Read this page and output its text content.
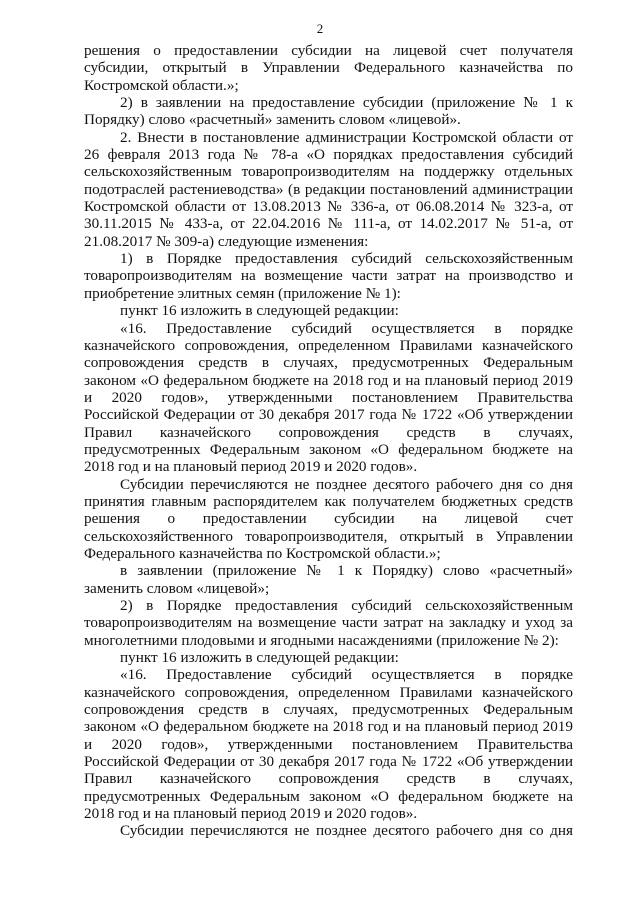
2

решения о предоставлении субсидии на лицевой счет получателя субсидии, открытый в Управлении Федерального казначейства по Костромской области.»;

2) в заявлении на предоставление субсидии (приложение № 1 к Порядку) слово «расчетный» заменить словом «лицевой».

2. Внести в постановление администрации Костромской области от 26 февраля 2013 года № 78-а «О порядках предоставления субсидий сельскохозяйственным товаропроизводителям на поддержку отдельных подотраслей растениеводства» (в редакции постановлений администрации Костромской области от 13.08.2013 № 336-а, от 06.08.2014 № 323-а, от 30.11.2015 № 433-а, от 22.04.2016 № 111-а, от 14.02.2017 № 51-а, от 21.08.2017 № 309-а) следующие изменения:

1) в Порядке предоставления субсидий сельскохозяйственным товаропроизводителям на возмещение части затрат на производство и приобретение элитных семян (приложение № 1):

пункт 16 изложить в следующей редакции:

«16. Предоставление субсидий осуществляется в порядке казначейского сопровождения, определенном Правилами казначейского сопровождения средств в случаях, предусмотренных Федеральным законом «О федеральном бюджете на 2018 год и на плановый период 2019 и 2020 годов», утвержденными постановлением Правительства Российской Федерации от 30 декабря 2017 года № 1722 «Об утверждении Правил казначейского сопровождения средств в случаях, предусмотренных Федеральным законом «О федеральном бюджете на 2018 год и на плановый период 2019 и 2020 годов».

Субсидии перечисляются не позднее десятого рабочего дня со дня принятия главным распорядителем как получателем бюджетных средств решения о предоставлении субсидии на лицевой счет сельскохозяйственного товаропроизводителя, открытый в Управлении Федерального казначейства по Костромской области.»;

в заявлении (приложение № 1 к Порядку) слово «расчетный» заменить словом «лицевой»;

2) в Порядке предоставления субсидий сельскохозяйственным товаропроизводителям на возмещение части затрат на закладку и уход за многолетними плодовыми и ягодными насаждениями (приложение № 2):

пункт 16 изложить в следующей редакции:

«16. Предоставление субсидий осуществляется в порядке казначейского сопровождения, определенном Правилами казначейского сопровождения средств в случаях, предусмотренных Федеральным законом «О федеральном бюджете на 2018 год и на плановый период 2019 и 2020 годов», утвержденными постановлением Правительства Российской Федерации от 30 декабря 2017 года № 1722 «Об утверждении Правил казначейского сопровождения средств в случаях, предусмотренных Федеральным законом «О федеральном бюджете на 2018 год и на плановый период 2019 и 2020 годов».

Субсидии перечисляются не позднее десятого рабочего дня со дня
